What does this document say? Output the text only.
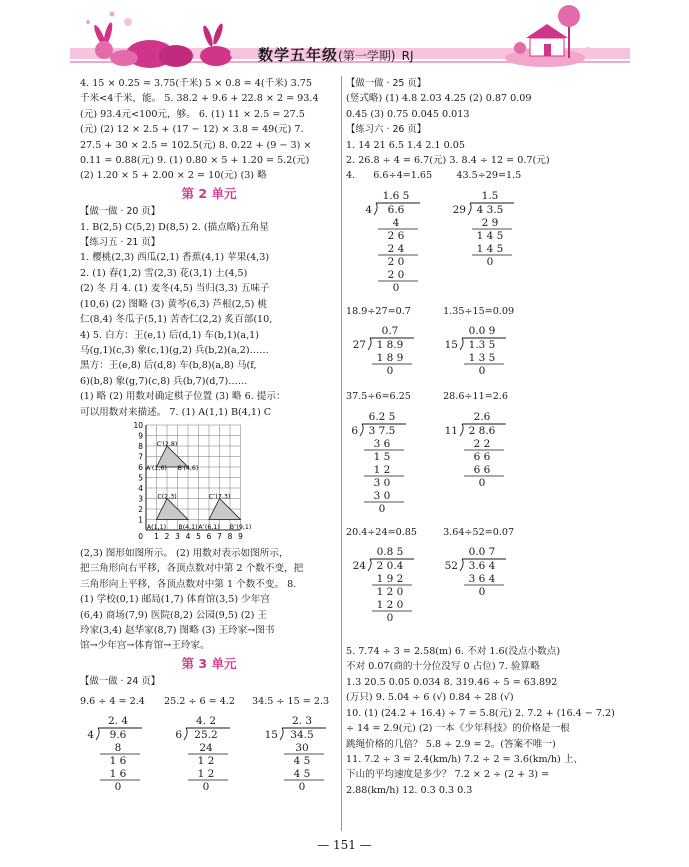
数学五年级(第一学期) RJ
4. 15 × 0.25 = 3.75(千米) 5 × 0.8 = 4(千米) 3.75
千米<4千米，能。 5. 38.2 + 9.6 + 22.8 × 2 = 93.4
(元) 93.4元<100元，够。 6. (1) 11 × 2.5 = 27.5
(元) (2) 12 × 2.5 + (17 − 12) × 3.8 = 49(元) 7.
27.5 + 30 × 2.5 = 102.5(元) 8. 0.22 + (9 − 3) ×
0.11 = 0.88(元) 9. (1) 0.80 × 5 + 1.20 = 5.2(元)
(2) 1.20 × 5 + 2.00 × 2 = 10(元) (3) 略
第 2 单元
【做一做 · 20 页】
1. B(2,5) C(5,2) D(8,5) 2. (描点略)五角星
【练习五 · 21 页】
1. 樱桃(2,3) 西瓜(2,1) 香蕉(4,1) 苹果(4,3)
2. (1) 春(1,2) 雪(2,3) 花(3,1) 土(4,5)
(2) 冬 月 4. (1) 麦冬(4,5) 当归(3,3) 五味子
(10,6) (2) 图略 (3) 黄芩(6,3) 芦根(2,5) 桃
仁(8,4) 冬瓜子(5,1) 苦杏仁(2,2) 炙百部(10,
4) 5. 白方：王(e,1) 后(d,1) 车(b,1)(a,1)
马(g,1)(c,3) 象(c,1)(g,2) 兵(b,2)(a,2)……
黑方：王(e,8) 后(d,8) 车(b,8)(a,8) 马(f,
6)(b,8) 象(g,7)(c,8) 兵(b,7)(d,7)……
(1) 略 (2) 用数对确定棋子位置 (3) 略 6. 提示：
可以用数对来描述。 7. (1) A(1,1) B(4,1) C
1
2
3
4
5
6
7
8
9
10
1 2 3 4 5 6 7 8 9
0
C′(2,8)
A′(1,6) B′(4,6)
C(2,3)	C″(7,3)
A(1,1) B(4,1) A″(6,1) B″(9,1)
(2,3) 图形如图所示。 (2) 用数对表示如图所示，
把三角形向右平移，各顶点数对中第 2 个数不变，把
三角形向上平移，各顶点数对中第 1 个数不变。 8.
(1) 学校(0,1) 邮局(1,7) 体育馆(3,5) 少年宫
(6,4) 商场(7,9) 医院(8,2) 公园(9,5) (2) 王
玲家(3,4) 赵华家(8,7) 图略 (3) 王玲家→图书
馆→少年宫→体育馆→王玲家。
第 3 单元
【做一做 · 24 页】
9.6 ÷ 4 = 2.4	25.2 ÷ 6 = 4.2	34.5 ÷ 15 = 2.3
2. 4
4 9.6
8
1 6
1 6
0
4. 2
6 25.2
24
1 2
1 2
0
2. 3
15 34.5
30
4 5
4 5
0
【做一做 · 25 页】
(竖式略) (1) 4.8 2.03 4.25 (2) 0.87 0.09
0.45 (3) 0.75 0.045 0.013
【练习六 · 26 页】
1. 14 21 6.5 1.4 2.1 0.05
2. 26.8 ÷ 4 = 6.7(元) 3. 8.4 ÷ 12 = 0.7(元)
4. 6.6÷4=1.65	43.5÷29=1.5
1.6 5
4 6.6
4
2 6
2 4
2 0
2 0
0
1.5
29 4 3.5
2 9
1 4 5
1 4 5
0
18.9÷27=0.7	1.35÷15=0.09
0.7
27 1 8.9
1 8 9
0
0.0 9
15 1.3 5
1 3 5
0
37.5÷6=6.25	28.6÷11=2.6
6.2 5
6 3 7.5
3 6
1 5
1 2
3 0
3 0
0
2.6
11 2 8.6
2 2
6 6
6 6
0
20.4÷24=0.85	3.64÷52=0.07
0.8 5
24 2 0.4
1 9 2
1 2 0
1 2 0
0
0.0 7
52 3.6 4
3 6 4
0
5. 7.74 ÷ 3 = 2.58(m) 6. 不对 1.6(没点小数点)
不对 0.07(商的十分位没写 0 占位) 7. 验算略
1.3 20.5 0.05 0.034 8. 319.46 ÷ 5 = 63.892
(万只) 9. 5.04 ÷ 6 (√) 0.84 ÷ 28 (√)
10. (1) (24.2 + 16.4) ÷ 7 = 5.8(元) 2. 7.2 + (16.4 − 7.2)
÷ 14 = 2.9(元) (2) 一本《少年科技》的价格是一根
跳绳价格的几倍？ 5.8 ÷ 2.9 = 2。(答案不唯一)
11. 7.2 ÷ 3 = 2.4(km/h) 7.2 ÷ 2 = 3.6(km/h) 上、
下山的平均速度是多少？ 7.2 × 2 ÷ (2 + 3) =
2.88(km/h) 12. 0.3 0.3 0.3
— 151 —
